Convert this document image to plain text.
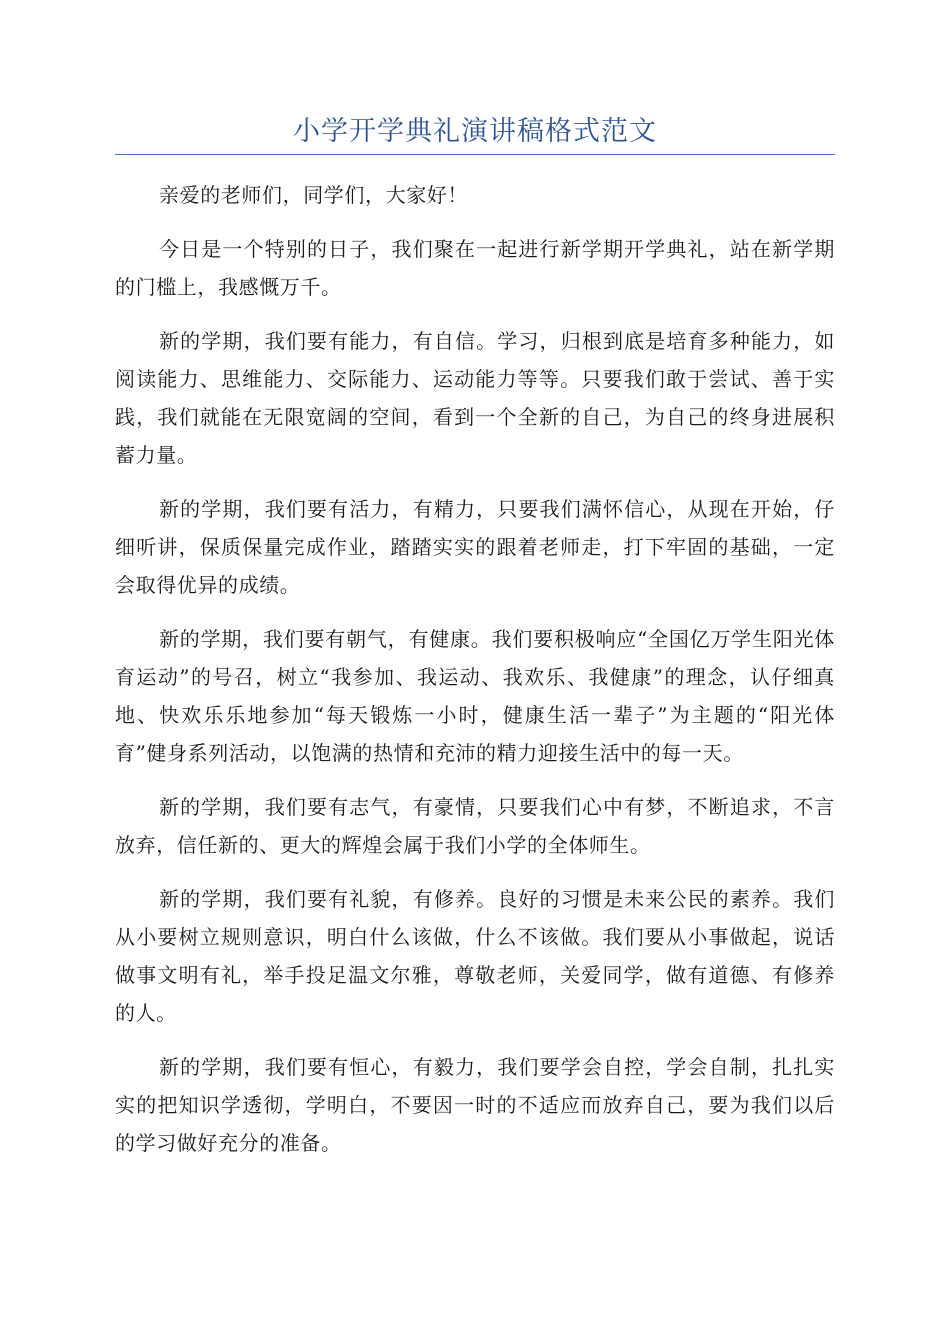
小学开学典礼演讲稿格式范文

亲爱的老师们，同学们，大家好！

今日是一个特别的日子，我们聚在一起进行新学期开学典礼，站在新学期的门槛上，我感慨万千。

新的学期，我们要有能力，有自信。学习，归根到底是培育多种能力，如阅读能力、思维能力、交际能力、运动能力等等。只要我们敢于尝试、善于实践，我们就能在无限宽阔的空间，看到一个全新的自己，为自己的终身进展积蓄力量。

新的学期，我们要有活力，有精力，只要我们满怀信心，从现在开始，仔细听讲，保质保量完成作业，踏踏实实的跟着老师走，打下牢固的基础，一定会取得优异的成绩。

新的学期，我们要有朝气，有健康。我们要积极响应“全国亿万学生阳光体育运动”的号召，树立“我参加、我运动、我欢乐、我健康”的理念，认仔细真地、快欢乐乐地参加“每天锻炼一小时，健康生活一辈子”为主题的“阳光体育”健身系列活动，以饱满的热情和充沛的精力迎接生活中的每一天。

新的学期，我们要有志气，有豪情，只要我们心中有梦，不断追求，不言放弃，信任新的、更大的辉煌会属于我们小学的全体师生。

新的学期，我们要有礼貌，有修养。良好的习惯是未来公民的素养。我们从小要树立规则意识，明白什么该做，什么不该做。我们要从小事做起，说话做事文明有礼，举手投足温文尔雅，尊敬老师，关爱同学，做有道德、有修养的人。

新的学期，我们要有恒心，有毅力，我们要学会自控，学会自制，扎扎实实的把知识学透彻，学明白，不要因一时的不适应而放弃自己，要为我们以后的学习做好充分的准备。
